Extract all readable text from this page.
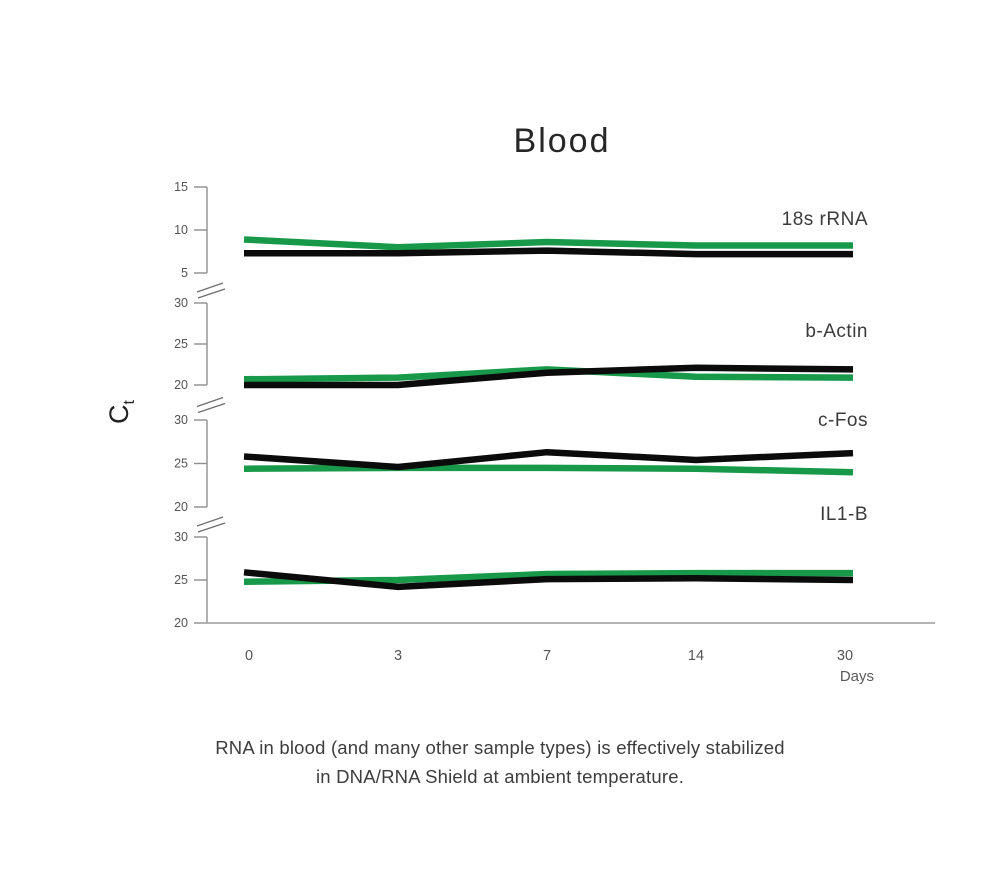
Blood
15
10
5
18s rRNA
30
25
20
b-Actin
30
25
20
c-Fos
30
25
20
IL1-B
0	3	7	14	30
Days
$C_t$
RNA in blood (and many other sample types) is effectively stabilized
in DNA/RNA Shield at ambient temperature.
